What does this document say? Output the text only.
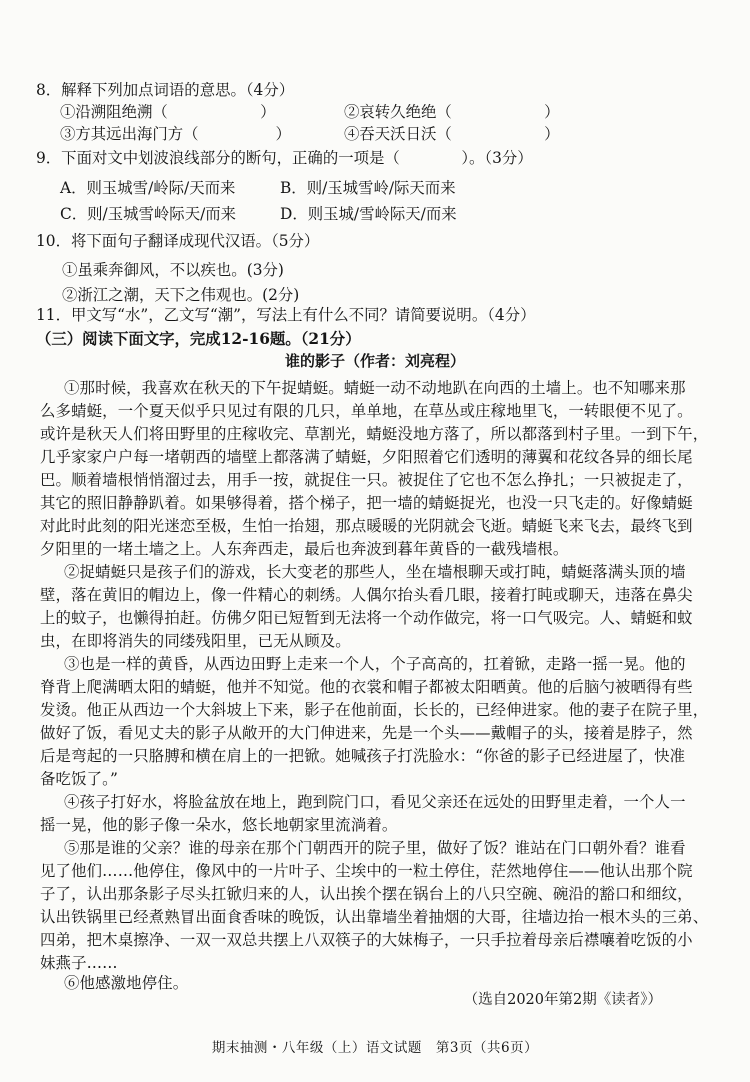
8．解释下列加点词语的意思。（4分）
①沿溯阻绝溯（　　　　　　）	②哀转久绝绝（　　　　　　）
③方其远出海门方（　　　　　）	④吞天沃日沃（　　　　　　）
9．下面对文中划波浪线部分的断句，正确的一项是（　　　　）。（3分）
A．则玉城雪/岭际/天而来	B．则/玉城雪岭/际天而来
C．则/玉城雪岭际天/而来	D．则玉城/雪岭际天/而来
10．将下面句子翻译成现代汉语。（5分）
①虽乘奔御风，不以疾也。(3分)
②浙江之潮，天下之伟观也。(2分)
11．甲文写“水”，乙文写“潮”，写法上有什么不同？请简要说明。（4分）
（三）阅读下面文字，完成12-16题。（21分）
谁的影子（作者：刘亮程）
①那时候，我喜欢在秋天的下午捉蜻蜓。蜻蜓一动不动地趴在向西的土墙上。也不知哪来那
么多蜻蜓，一个夏天似乎只见过有限的几只，单单地，在草丛或庄稼地里飞，一转眼便不见了。
或许是秋天人们将田野里的庄稼收完、草割光，蜻蜓没地方落了，所以都落到村子里。一到下午，
几乎家家户户每一堵朝西的墙壁上都落满了蜻蜓，夕阳照着它们透明的薄翼和花纹各异的细长尾
巴。顺着墙根悄悄溜过去，用手一按，就捉住一只。被捉住了它也不怎么挣扎；一只被捉走了，
其它的照旧静静趴着。如果够得着，搭个梯子，把一墙的蜻蜓捉光，也没一只飞走的。好像蜻蜓
对此时此刻的阳光迷恋至极，生怕一抬翅，那点暖暖的光阴就会飞逝。蜻蜓飞来飞去，最终飞到
夕阳里的一堵土墙之上。人东奔西走，最后也奔波到暮年黄昏的一截残墙根。
②捉蜻蜓只是孩子们的游戏，长大变老的那些人，坐在墙根聊天或打盹，蜻蜓落满头顶的墙
壁，落在黄旧的帽边上，像一件精心的刺绣。人偶尔抬头看几眼，接着打盹或聊天，违落在鼻尖
上的蚊子，也懒得拍赶。仿佛夕阳已短暂到无法将一个动作做完，将一口气吸完。人、蜻蜓和蚊
虫，在即将消失的同缕残阳里，已无从顾及。
③也是一样的黄昏，从西边田野上走来一个人，个子高高的，扛着锨，走路一摇一晃。他的
脊背上爬满晒太阳的蜻蜓，他并不知觉。他的衣裳和帽子都被太阳晒黄。他的后脑勺被晒得有些
发烫。他正从西边一个大斜坡上下来，影子在他前面，长长的，已经伸进家。他的妻子在院子里，
做好了饭，看见丈夫的影子从敞开的大门伸进来，先是一个头——戴帽子的头，接着是脖子，然
后是弯起的一只胳膊和横在肩上的一把锨。她喊孩子打洗脸水：“你爸的影子已经进屋了，快准
备吃饭了。”
④孩子打好水，将脸盆放在地上，跑到院门口，看见父亲还在远处的田野里走着，一个人一
摇一晃，他的影子像一朵水，悠长地朝家里流淌着。
⑤那是谁的父亲？谁的母亲在那个门朝西开的院子里，做好了饭？谁站在门口朝外看？谁看
见了他们……他停住，像风中的一片叶子、尘埃中的一粒土停住，茫然地停住——他认出那个院
子了，认出那条影子尽头扛锨归来的人，认出挨个摆在锅台上的八只空碗、碗沿的豁口和细纹，
认出铁锅里已经煮熟冒出面食香味的晚饭，认出靠墙坐着抽烟的大哥，往墙边抬一根木头的三弟、
四弟，把木桌擦净、一双一双总共摆上八双筷子的大妹梅子，一只手拉着母亲后襟嚷着吃饭的小
妹燕子……
⑥他感激地停住。
（选自2020年第2期《读者》）
期末抽测・八年级（上）语文试题　第3页（共6页）
